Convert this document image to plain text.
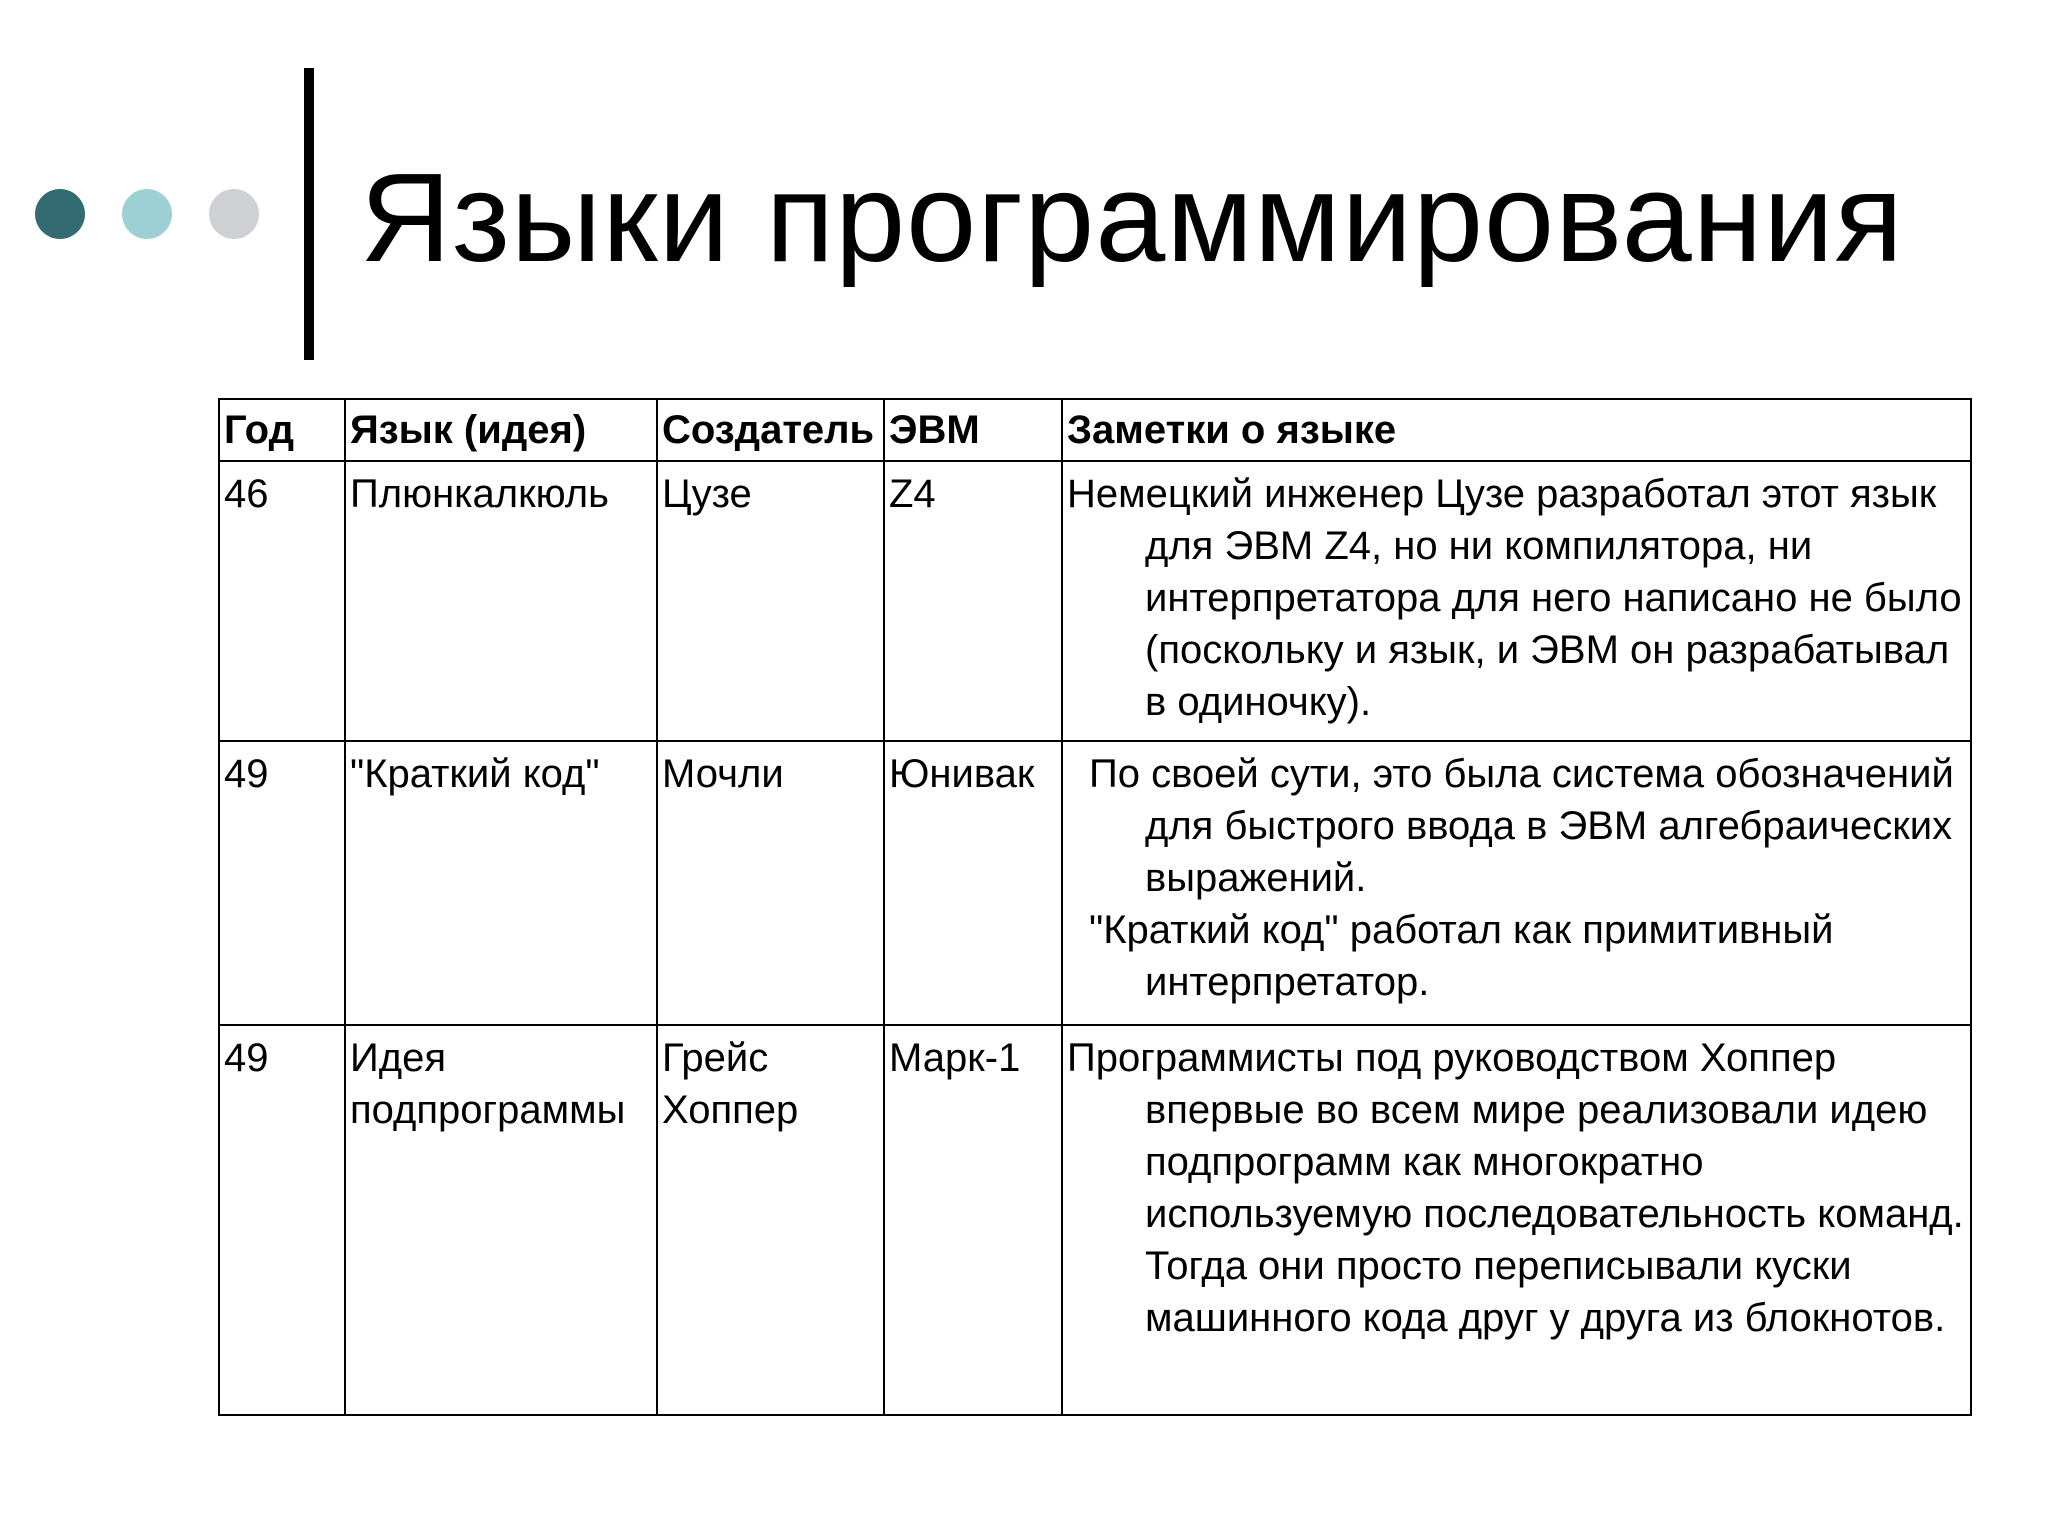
Языки программирования
Год	Язык (идея)	Создатель	ЭВМ	Заметки о языке
46	Плюнкалкюль	Цузе	Z4	Немецкий инженер Цузе разработал этот язык для ЭВМ Z4, но ни компилятора, ни интерпретатора для него написано не было (поскольку и язык, и ЭВМ он разрабатывал в одиночку).

49	"Краткий код"	Мочли	Юнивак	По своей сути, это была система обозначений для быстрого ввода в ЭВМ алгебраических выражений.
"Краткий код" работал как примитивный интерпретатор.

49	Идея подпрограммы	Грейс Хоппер	Марк-1	Программисты под руководством Хоппер впервые во всем мире реализовали идею подпрограмм как многократно используемую последовательность команд. Тогда они просто переписывали куски машинного кода друг у друга из блокнотов.
